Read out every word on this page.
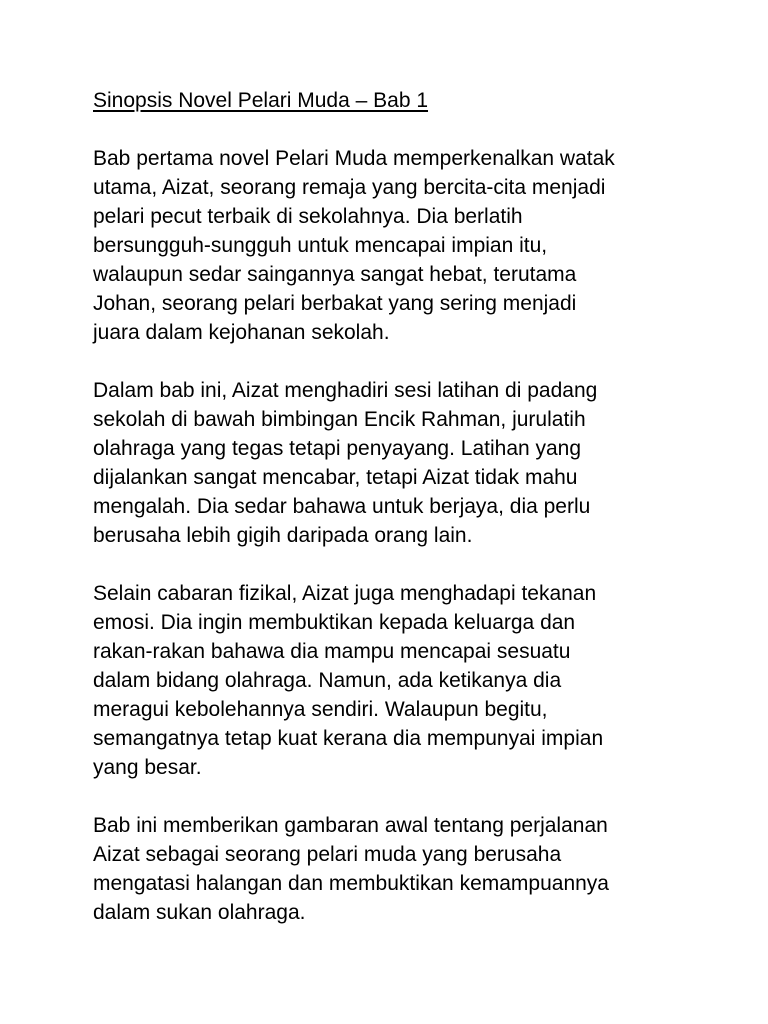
Sinopsis Novel Pelari Muda – Bab 1
Bab pertama novel Pelari Muda memperkenalkan watak
utama, Aizat, seorang remaja yang bercita-cita menjadi
pelari pecut terbaik di sekolahnya. Dia berlatih
bersungguh-sungguh untuk mencapai impian itu,
walaupun sedar saingannya sangat hebat, terutama
Johan, seorang pelari berbakat yang sering menjadi
juara dalam kejohanan sekolah.
Dalam bab ini, Aizat menghadiri sesi latihan di padang
sekolah di bawah bimbingan Encik Rahman, jurulatih
olahraga yang tegas tetapi penyayang. Latihan yang
dijalankan sangat mencabar, tetapi Aizat tidak mahu
mengalah. Dia sedar bahawa untuk berjaya, dia perlu
berusaha lebih gigih daripada orang lain.
Selain cabaran fizikal, Aizat juga menghadapi tekanan
emosi. Dia ingin membuktikan kepada keluarga dan
rakan-rakan bahawa dia mampu mencapai sesuatu
dalam bidang olahraga. Namun, ada ketikanya dia
meragui kebolehannya sendiri. Walaupun begitu,
semangatnya tetap kuat kerana dia mempunyai impian
yang besar.
Bab ini memberikan gambaran awal tentang perjalanan
Aizat sebagai seorang pelari muda yang berusaha
mengatasi halangan dan membuktikan kemampuannya
dalam sukan olahraga.
